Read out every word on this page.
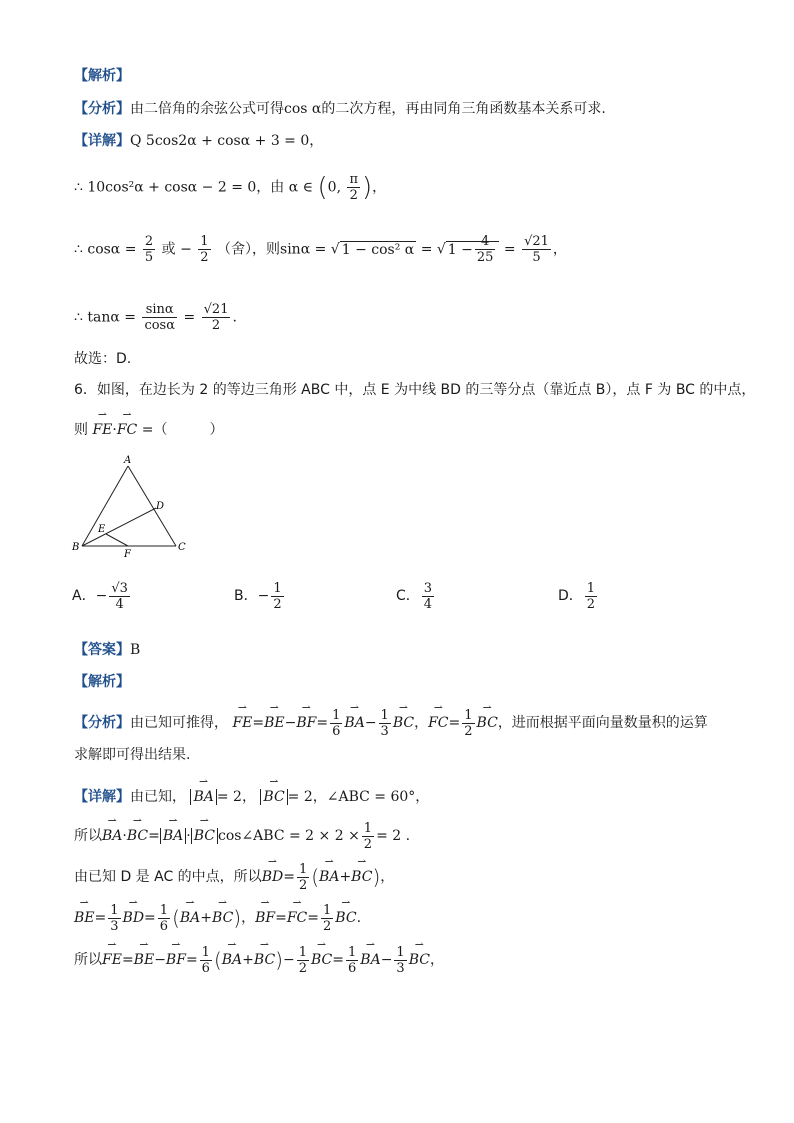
【解析】
【分析】由二倍角的余弦公式可得cos α的二次方程，再由同角三角函数基本关系可求.
【详解】Q 5cos2α + cosα + 3 = 0，
∴ 10cos²α + cosα − 2 = 0，由 α ∈ (0, $\frac{\pi}{2}$ )，
∴ $\cos\alpha = \frac{2}{5}$ 或 − $\frac{1}{2}$ （舍），则sinα = √ 1 − cos² α = √ $1 - \frac{4}{25} = \frac{√21}{5}$ ，
∴ $\tan\alpha = \frac{\sin\alpha}{\cos\alpha} = \frac{√21}{2}$ .
故选：D.
6．如图，在边长为 2 的等边三角形 ABC 中，点 E 为中线 BD 的三等分点（靠近点 B），点 F 为 BC 的中点，
则 ⇀ FE·⇀ FC =（　　　）
A
D
E
B
F
C
A．− $\frac{√3}{4}$	B．− $\frac{1}{2}$	C． $\frac{3}{4}$	D． $\frac{1}{2}$
【答案】B
【解析】
【分析】由已知可推得， ⇀ FE=⇀ BE−⇀ $BF= \frac{1}{6}$ ⇀ $BA- \frac{1}{3}$ ⇀ BC，⇀ $FC= \frac{1}{2}$ ⇀ BC，进而根据平面向量数量积的运算
求解即可得出结果.
【详解】由已知， ⇀ BA = 2， ⇀ BC = 2，∠ABC = 60°，
所以⇀ BA·⇀ BC= ⇀ BA · ⇀ BC cos∠ABC = $2 \times 2 \times \frac{1}{2} = 2$ .
由已知 D 是 AC 的中点，所以⇀ $BD= \frac{1}{2}$ (⇀ BA+⇀ BC)，
⇀ $BE= \frac{1}{3}$ ⇀ $BD= \frac{1}{6}$ (⇀ BA+⇀ BC)，⇀ BF=⇀ $FC= \frac{1}{2}$ ⇀ BC.
所以⇀ FE=⇀ BE−⇀ $BF= \frac{1}{6}$ (⇀ BA+⇀ $BC)- \frac{1}{2}$ ⇀ $BC= \frac{1}{6}$ ⇀ $BA- \frac{1}{3}$ ⇀ BC，
